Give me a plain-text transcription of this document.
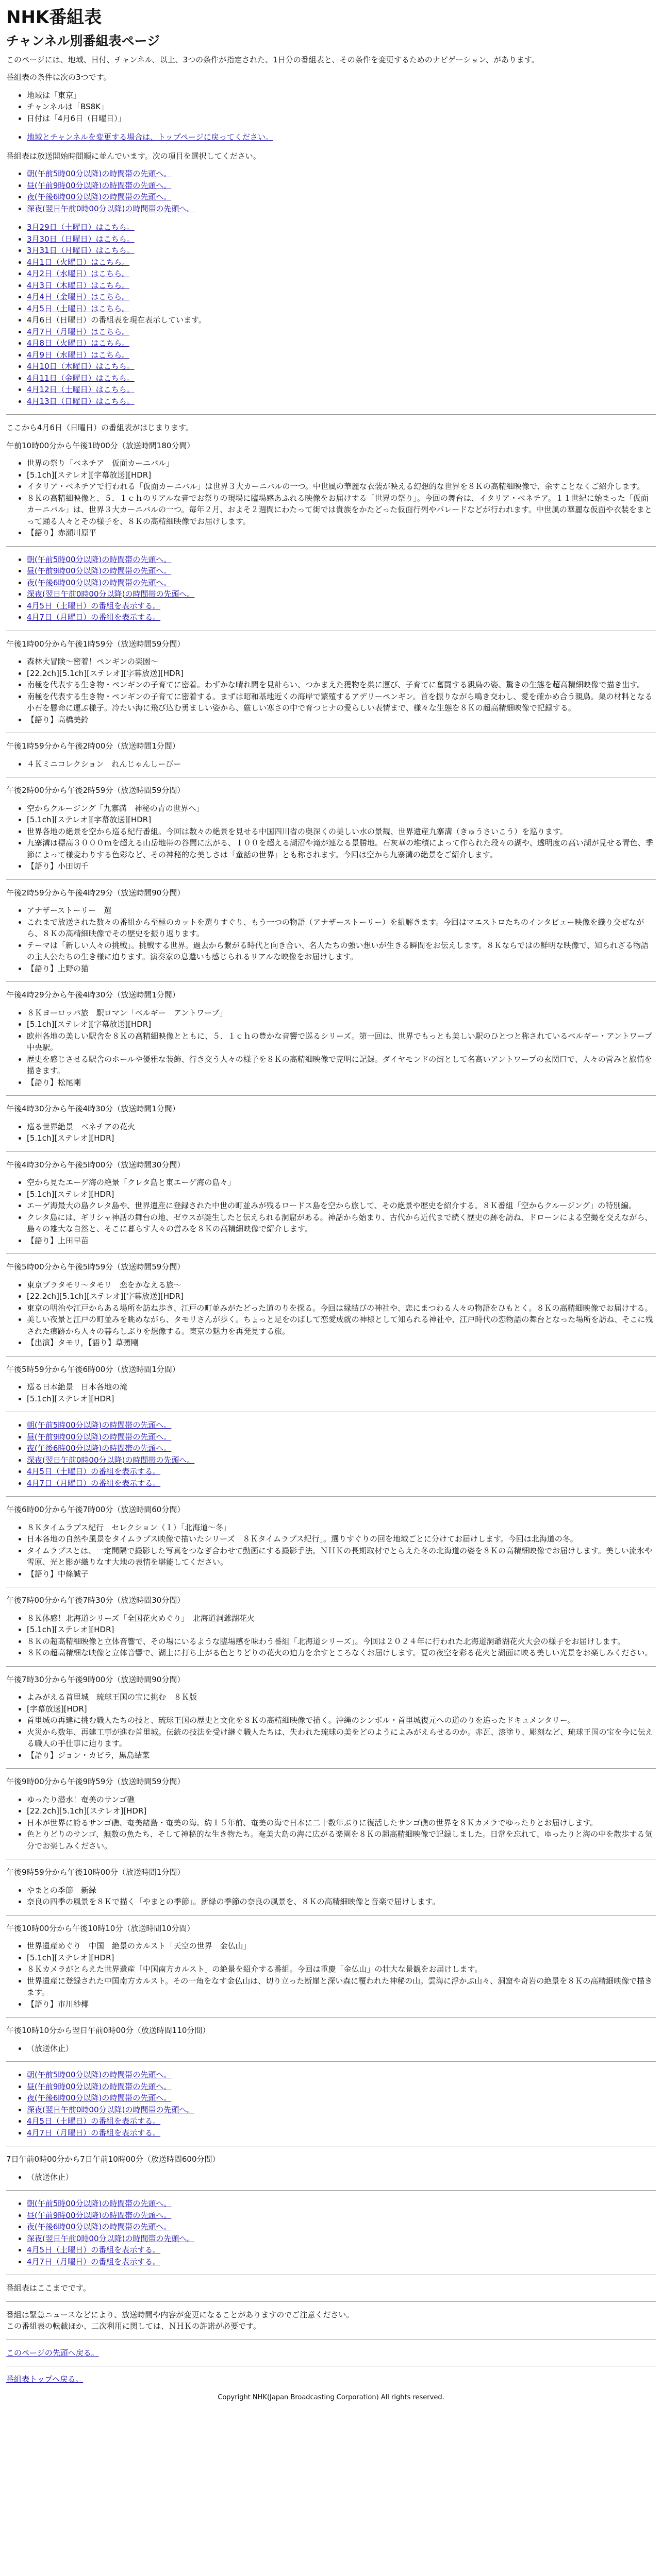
NHK番組表
チャンネル別番組表ページ

このページには、地域、日付、チャンネル、以上、3つの条件が指定された、1日分の番組表と、その条件を変更するためのナビゲーション、があります。

番組表の条件は次の3つです。

• 地域は「東京」
• チャンネルは「BS8K」
• 日付は「4月6日（日曜日）」
• 地域とチャンネルを変更する場合は、トップページに戻ってください。

番組表は放送開始時間順に並んでいます。次の項目を選択してください。

• 朝(午前5時00分以降)の時間帯の先頭へ。
• 昼(午前9時00分以降)の時間帯の先頭へ。
• 夜(午後6時00分以降)の時間帯の先頭へ。
• 深夜(翌日午前0時00分以降)の時間帯の先頭へ。
• 3月29日（土曜日）はこちら。
• 3月30日（日曜日）はこちら。
• 3月31日（月曜日）はこちら。
• 4月1日（火曜日）はこちら。
• 4月2日（水曜日）はこちら。
• 4月3日（木曜日）はこちら。
• 4月4日（金曜日）はこちら。
• 4月5日（土曜日）はこちら。
• 4月6日（日曜日）の番組表を現在表示しています。
• 4月7日（月曜日）はこちら。
• 4月8日（火曜日）はこちら。
• 4月9日（水曜日）はこちら。
• 4月10日（木曜日）はこちら。
• 4月11日（金曜日）はこちら。
• 4月12日（土曜日）はこちら。
• 4月13日（日曜日）はこちら。

ここから4月6日（日曜日）の番組表がはじまります。

午前10時00分から午後1時00分（放送時間180分間）

• 世界の祭り「ベネチア　仮面カーニバル」
• [5.1ch][ステレオ][字幕放送][HDR]
• イタリア・ベネチアで行われる「仮面カーニバル」は世界３大カーニバルの一つ。中世風の華麗な衣装が映える幻想的な世界を８Ｋの高精細映像で、余すことなくご紹介します。
• ８Ｋの高精細映像と、５．１ｃｈのリアルな音でお祭りの現場に臨場感あふれる映像をお届けする「世界の祭り」。今回の舞台は、イタリア・ベネチア。１１世紀に始まった「仮面カーニバル」は、世界３大カーニバルの一つ。毎年２月、およそ２週間にわたって街では貴族をかたどった仮面行列やパレードなどが行われます。中世風の華麗な仮面や衣装をまとって踊る人々とその様子を、８Ｋの高精細映像でお届けします。
• 【語り】赤瀬川原平
• 朝(午前5時00分以降)の時間帯の先頭へ。
• 昼(午前9時00分以降)の時間帯の先頭へ。
• 夜(午後6時00分以降)の時間帯の先頭へ。
• 深夜(翌日午前0時00分以降)の時間帯の先頭へ。
• 4月5日（土曜日）の番組を表示する。
• 4月7日（月曜日）の番組を表示する。

午後1時00分から午後1時59分（放送時間59分間）

• 森林大冒険〜密着！ペンギンの楽園〜
• [22.2ch][5.1ch][ステレオ][字幕放送][HDR]
• 南極を代表する生き物・ペンギンの子育てに密着。わずかな晴れ間を見計らい、つかまえた獲物を巣に運び、子育てに奮闘する親鳥の姿、驚きの生態を超高精細映像で描き出す。
• 南極を代表する生き物・ペンギンの子育てに密着する。まずは昭和基地近くの海岸で繁殖するアデリーペンギン。首を振りながら鳴き交わし、愛を確かめ合う親鳥。巣の材料となる小石を懸命に運ぶ様子。冷たい海に飛び込む勇ましい姿から、厳しい寒さの中で育つヒナの愛らしい表情まで、様々な生態を８Ｋの超高精細映像で記録する。
• 【語り】高橋美鈴

午後1時59分から午後2時00分（放送時間1分間）

• ４Ｋミニコレクション　れんじゃんしーびー

午後2時00分から午後2時59分（放送時間59分間）

• 空からクルージング「九寨溝　神秘の青の世界へ」
• [5.1ch][ステレオ][字幕放送][HDR]
• 世界各地の絶景を空から巡る紀行番組。今回は数々の絶景を見せる中国四川省の奥深くの美しい水の景観、世界遺産九寨溝（きゅうさいこう）を巡ります。
• 九寨溝は標高３０００ｍを超える山岳地帯の谷間に広がる、１００を超える湖沼や滝が連なる景勝地。石灰華の堆積によって作られた段々の湖や、透明度の高い湖が見せる青色、季節によって様変わりする色彩など、その神秘的な美しさは「童話の世界」とも称されます。今回は空から九寨溝の絶景をご紹介します。
• 【語り】小田切千

午後2時59分から午後4時29分（放送時間90分間）

• アナザーストーリー　選
• これまで放送された数々の番組から至極のカットを選りすぐり、もう一つの物語（アナザーストーリー）を紐解きます。今回はマエストロたちのインタビュー映像を織り交ぜながら、８Ｋの高精細映像でその歴史を振り返ります。
• テーマは「新しい人々の挑戦」。挑戦する世界。過去から繋がる時代と向き合い、名人たちの強い想いが生きる瞬間をお伝えします。８Ｋならではの鮮明な映像で、知られざる物語の主人公たちの生き様に迫ります。演奏家の息遣いも感じられるリアルな映像をお届けします。
• 【語り】上野の猫

午後4時29分から午後4時30分（放送時間1分間）

• ８Ｋヨーロッパ旅　駅ロマン「ベルギー　アントワープ」
• [5.1ch][ステレオ][字幕放送][HDR]
• 欧州各地の美しい駅舎を８Ｋの高精細映像とともに、５．１ｃｈの豊かな音響で巡るシリーズ。第一回は、世界でもっとも美しい駅のひとつと称されているベルギー・アントワープ中央駅。
• 歴史を感じさせる駅舎のホールや優雅な装飾、行き交う人々の様子を８Ｋの高精細映像で克明に記録。ダイヤモンドの街として名高いアントワープの玄関口で、人々の営みと旅情を描きます。
• 【語り】松尾剛

午後4時30分から午後4時30分（放送時間1分間）

• 巡る世界絶景　ベネチアの花火
• [5.1ch][ステレオ][HDR]

午後4時30分から午後5時00分（放送時間30分間）

• 空から見たエーゲ海の絶景「クレタ島と東エーゲ海の島々」
• [5.1ch][ステレオ][HDR]
• エーゲ海最大の島クレタ島や、世界遺産に登録された中世の町並みが残るロードス島を空から旅して、その絶景や歴史を紹介する。８Ｋ番組「空からクルージング」の特別編。
• クレタ島には、ギリシャ神話の舞台の地、ゼウスが誕生したと伝えられる洞窟がある。神話から始まり、古代から近代まで続く歴史の跡を訪ね、ドローンによる空撮を交えながら、島々の雄大な自然と、そこに暮らす人々の営みを８Ｋの高精細映像で紹介します。
• 【語り】上田早苗

午後5時00分から午後5時59分（放送時間59分間）

• 東京ブラタモリ〜タモリ　恋をかなえる旅〜
• [22.2ch][5.1ch][ステレオ][字幕放送][HDR]
• 東京の明治や江戸からある場所を訪ね歩き、江戸の町並みがたどった道のりを探る。今回は縁結びの神社や、恋にまつわる人々の物語をひもとく。８Ｋの高精細映像でお届けする。
• 美しい夜景と江戸の町並みを眺めながら、タモリさんが歩く。ちょっと足をのばして恋愛成就の神様として知られる神社や、江戸時代の恋物語の舞台となった場所を訪ね、そこに残された痕跡から人々の暮らしぶりを想像する。東京の魅力を再発見する旅。
• 【出演】タモリ，【語り】草彅剛

午後5時59分から午後6時00分（放送時間1分間）

• 巡る日本絶景　日本各地の滝
• [5.1ch][ステレオ][HDR]
• 朝(午前5時00分以降)の時間帯の先頭へ。
• 昼(午前9時00分以降)の時間帯の先頭へ。
• 夜(午後6時00分以降)の時間帯の先頭へ。
• 深夜(翌日午前0時00分以降)の時間帯の先頭へ。
• 4月5日（土曜日）の番組を表示する。
• 4月7日（月曜日）の番組を表示する。

午後6時00分から午後7時00分（放送時間60分間）

• ８Ｋタイムラプス紀行　セレクション（１）「北海道〜冬」
• 日本各地の自然や風景をタイムラプス映像で描いたシリーズ「８Ｋタイムラプス紀行」。選りすぐりの回を地域ごとに分けてお届けします。今回は北海道の冬。
• タイムラプスとは、一定間隔で撮影した写真をつなぎ合わせて動画にする撮影手法。ＮＨＫの長期取材でとらえた冬の北海道の姿を８Ｋの高精細映像でお届けします。美しい流氷や雪原、光と影が織りなす大地の表情を堪能してください。
• 【語り】中條誠子

午後7時00分から午後7時30分（放送時間30分間）

• ８Ｋ体感！北海道シリーズ「全国花火めぐり」　北海道洞爺湖花火
• [5.1ch][ステレオ][HDR]
• ８Ｋの超高精細映像と立体音響で、その場にいるような臨場感を味わう番組「北海道シリーズ」。今回は２０２４年に行われた北海道洞爺湖花火大会の様子をお届けします。
• ８Ｋの超高精細な映像と立体音響で、湖上に打ち上がる色とりどりの花火の迫力を余すところなくお届けします。夏の夜空を彩る花火と湖面に映る美しい光景をお楽しみください。

午後7時30分から午後9時00分（放送時間90分間）

• よみがえる首里城　琉球王国の宝に挑む　８Ｋ版
• [字幕放送][HDR]
• 首里城の再建に挑む職人たちの技と、琉球王国の歴史と文化を８Ｋの高精細映像で描く。沖縄のシンボル・首里城復元への道のりを追ったドキュメンタリー。
• 火災から数年、再建工事が進む首里城。伝統の技法を受け継ぐ職人たちは、失われた琉球の美をどのようによみがえらせるのか。赤瓦、漆塗り、彫刻など、琉球王国の宝を今に伝える職人の手仕事に迫ります。
• 【語り】ジョン・カビラ，黒島結菜

午後9時00分から午後9時59分（放送時間59分間）

• ゆったり潜水！奄美のサンゴ礁
• [22.2ch][5.1ch][ステレオ][HDR]
• 日本が世界に誇るサンゴ礁、奄美諸島・奄美の海。約１５年前、奄美の海で日本に二十数年ぶりに復活したサンゴ礁の世界を８Ｋカメラでゆったりとお届けします。
• 色とりどりのサンゴ、無数の魚たち、そして神秘的な生き物たち。奄美大島の海に広がる楽園を８Ｋの超高精細映像で記録しました。日常を忘れて、ゆったりと海の中を散歩する気分でお楽しみください。

午後9時59分から午後10時00分（放送時間1分間）

• やまとの季節　新緑
• 奈良の四季の風景を８Ｋで描く「やまとの季節」。新緑の季節の奈良の風景を、８Ｋの高精細映像と音楽で届けします。

午後10時00分から午後10時10分（放送時間10分間）

• 世界遺産めぐり　中国　絶景のカルスト「天空の世界　金仏山」
• [5.1ch][ステレオ][HDR]
• ８Ｋカメラがとらえた世界遺産「中国南方カルスト」の絶景を紹介する番組。今回は重慶「金仏山」の壮大な景観をお届けします。
• 世界遺産に登録された中国南方カルスト。その一角をなす金仏山は、切り立った断崖と深い森に覆われた神秘の山。雲海に浮かぶ山々、洞窟や奇岩の絶景を８Ｋの高精細映像で描きます。
• 【語り】市川紗椰

午後10時10分から翌日午前0時00分（放送時間110分間）

• （放送休止）
• 朝(午前5時00分以降)の時間帯の先頭へ。
• 昼(午前9時00分以降)の時間帯の先頭へ。
• 夜(午後6時00分以降)の時間帯の先頭へ。
• 深夜(翌日午前0時00分以降)の時間帯の先頭へ。
• 4月5日（土曜日）の番組を表示する。
• 4月7日（月曜日）の番組を表示する。

7日午前0時00分から7日午前10時00分（放送時間600分間）

• （放送休止）
• 朝(午前5時00分以降)の時間帯の先頭へ。
• 昼(午前9時00分以降)の時間帯の先頭へ。
• 夜(午後6時00分以降)の時間帯の先頭へ。
• 深夜(翌日午前0時00分以降)の時間帯の先頭へ。
• 4月5日（土曜日）の番組を表示する。
• 4月7日（月曜日）の番組を表示する。

番組表はここまでです。

番組は緊急ニュースなどにより、放送時間や内容が変更になることがありますのでご注意ください。
この番組表の転載ほか、二次利用に関しては、ＮＨＫの許諾が必要です。

このページの先頭へ戻る。

番組表トップへ戻る。

Copyright NHK(Japan Broadcasting Corporation) All rights reserved.
